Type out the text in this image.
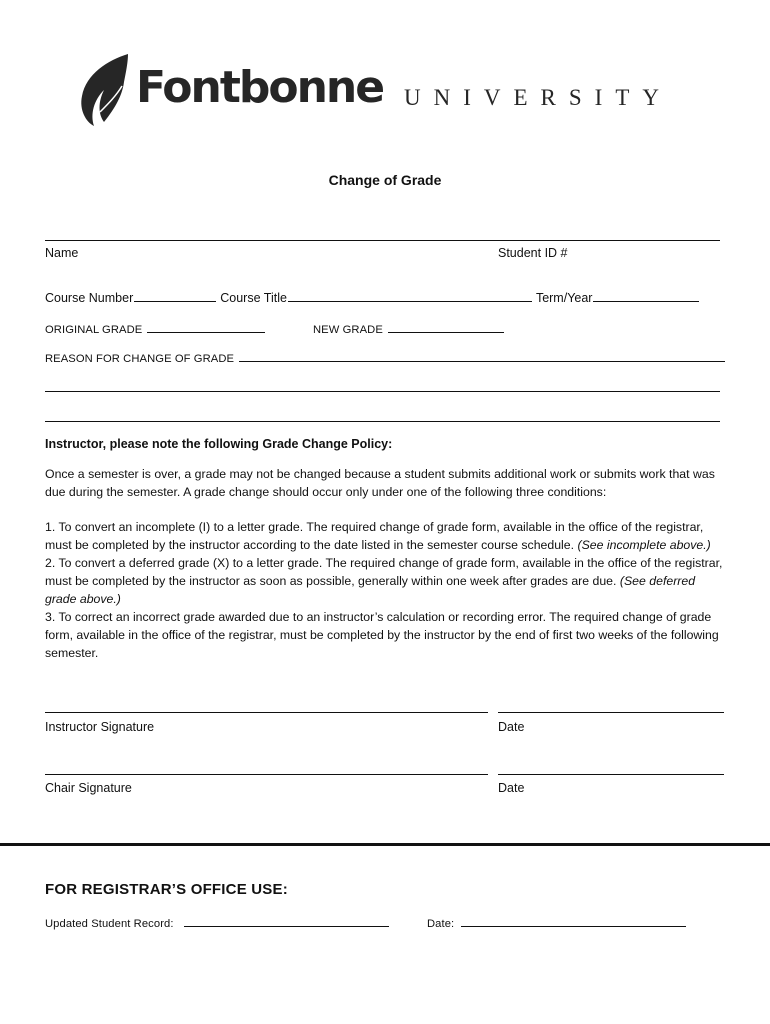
Fontbonne UNIVERSITY
Change of Grade
Name	Student ID #
Course Number	Course Title	Term/Year
ORIGINAL GRADE	NEW GRADE
REASON FOR CHANGE OF GRADE
Instructor, please note the following Grade Change Policy:
Once a semester is over, a grade may not be changed because a student submits additional work or submits work that was due during the semester. A grade change should occur only under one of the following three conditions:

1. To convert an incomplete (I) to a letter grade. The required change of grade form, available in the office of the registrar, must be completed by the instructor according to the date listed in the semester course schedule. (See incomplete above.)

2. To convert a deferred grade (X) to a letter grade. The required change of grade form, available in the office of the registrar, must be completed by the instructor as soon as possible, generally within one week after grades are due. (See deferred grade above.)

3. To correct an incorrect grade awarded due to an instructor’s calculation or recording error. The required change of grade form, available in the office of the registrar, must be completed by the instructor by the end of first two weeks of the following semester.

Instructor Signature	Date
Chair Signature	Date
FOR REGISTRAR’S OFFICE USE:
Updated Student Record:	Date:
